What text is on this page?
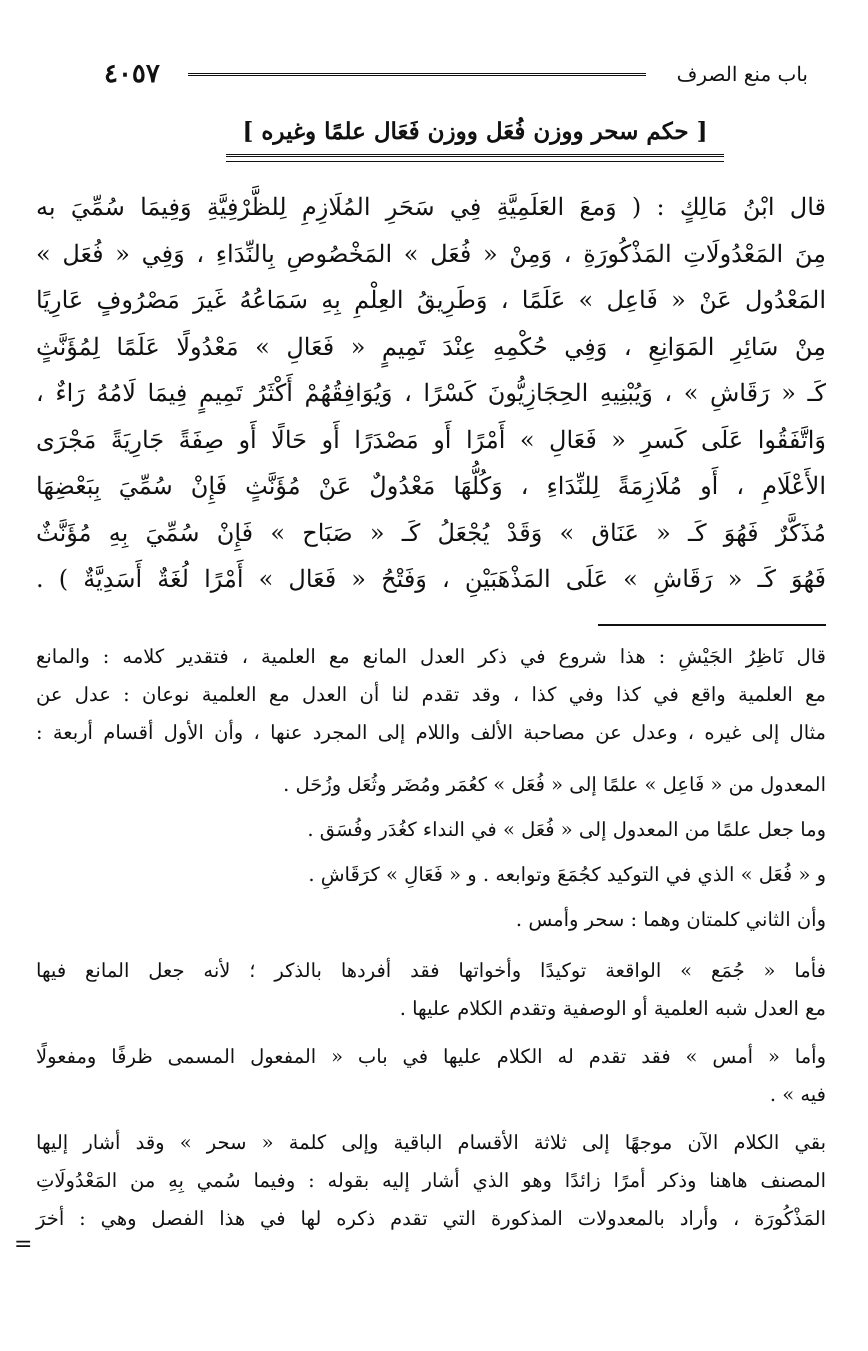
باب منع الصرف
٤٠٥٧
[ حكم سحر ووزن فُعَل ووزن فَعَال علمًا وغيره ]
قال ابْنُ مَالِكٍ : ( وَمعَ العَلَمِيَّةِ فِي سَحَرِ المُلَازِمِ لِلظَّرْفِيَّةِ وَفِيمَا سُمِّيَ به
مِنَ المَعْدُولَاتِ المَذْكُورَةِ ، وَمِنْ « فُعَل » المَخْصُوصِ بِالنِّدَاءِ ، وَفِي « فُعَل »
المَعْدُول عَنْ « فَاعِل » عَلَمًا ، وَطَرِيقُ العِلْمِ بِهِ سَمَاعُهُ غَيرَ مَصْرُوفٍ عَارِيًا
مِنْ سَائِرِ المَوَانِعِ ، وَفِي حُكْمِهِ عِنْدَ تَمِيمٍ « فَعَالِ » مَعْدُولًا عَلَمًا لِمُؤَنَّثٍ
كَـ « رَقَاشِ » ، وَيُبْنِيهِ الحِجَازِيُّونَ كَسْرًا ، وَيُوَافِقُهُمْ أَكْثَرُ تَمِيمٍ فِيمَا لَامُهُ رَاءٌ ،
وَاتَّفَقُوا عَلَى كَسرِ « فَعَالِ » أَمْرًا أَو مَصْدَرًا أَو حَالًا أَو صِفَةً جَارِيَةً مَجْرَى
الأَعْلَامِ ، أَو مُلَازِمَةً لِلنِّدَاءِ ، وَكُلُّهَا مَعْدُولٌ عَنْ مُؤَنَّثٍ فَإِنْ سُمِّيَ بِبَعْضِهَا
مُذَكَّرٌ فَهُوَ كَـ « عَنَاق » وَقَدْ يُجْعَلُ كَـ « صَبَاح » فَإِنْ سُمِّيَ بِهِ مُؤَنَّثٌ
فَهُوَ كَـ « رَقَاشِ » عَلَى المَذْهَبَيْنِ ، وَفَتْحُ « فَعَال » أَمْرًا لُغَةٌ أَسَدِيَّةٌ ) .

قال نَاظِرُ الجَيْشِ : هذا شروع في ذكر العدل المانع مع العلمية ، فتقدير كلامه : والمانع
مع العلمية واقع في كذا وفي كذا ، وقد تقدم لنا أن العدل مع العلمية نوعان : عدل عن
مثال إلى غيره ، وعدل عن مصاحبة الألف واللام إلى المجرد عنها ، وأن الأول أقسام أربعة :

المعدول من « فَاعِل » علمًا إلى « فُعَل » كعُمَر ومُضَر وثُعَل وزُحَل .
وما جعل علمًا من المعدول إلى « فُعَل » في النداء كغُدَر وفُسَق .
و « فُعَل » الذي في التوكيد كجُمَعَ وتوابعه . و « فَعَالِ » كرَقَاشِ .
وأن الثاني كلمتان وهما : سحر وأمس .

فأما « جُمَع » الواقعة توكيدًا وأخواتها فقد أفردها بالذكر ؛ لأنه جعل المانع فيها
مع العدل شبه العلمية أو الوصفية وتقدم الكلام عليها .

وأما « أمس » فقد تقدم له الكلام عليها في باب « المفعول المسمى ظرفًا ومفعولًا
فيه » .

بقي الكلام الآن موجهًا إلى ثلاثة الأقسام الباقية وإلى كلمة « سحر » وقد أشار إليها
المصنف هاهنا وذكر أمرًا زائدًا وهو الذي أشار إليه بقوله : وفيما سُمي بِهِ من المَعْدُولَاتِ
المَذْكُورَة ، وأراد بالمعدولات المذكورة التي تقدم ذكره لها في هذا الفصل وهي : أخرَ

=
